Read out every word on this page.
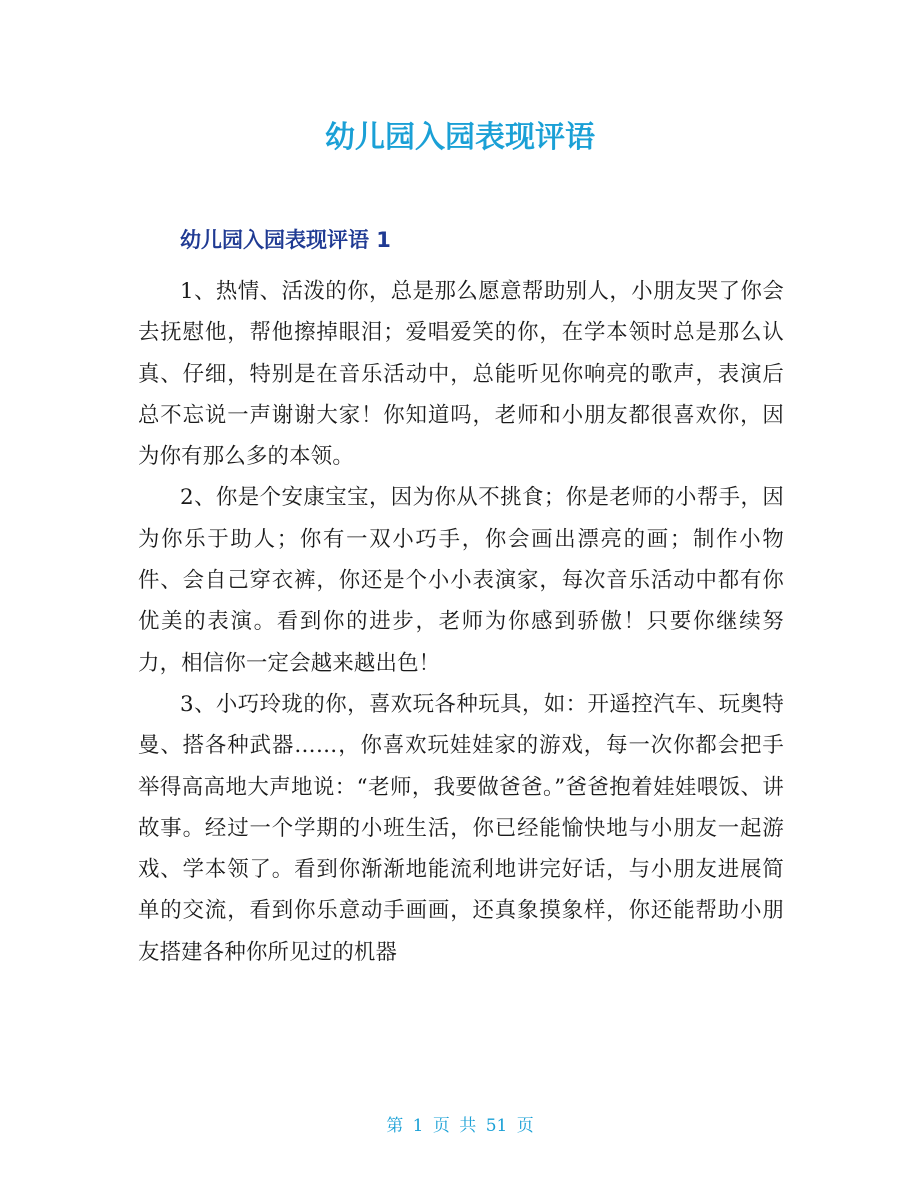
幼儿园入园表现评语
幼儿园入园表现评语 1

1、热情、活泼的你，总是那么愿意帮助别人，小朋友哭了你会去抚慰他，帮他擦掉眼泪；爱唱爱笑的你，在学本领时总是那么认真、仔细，特别是在音乐活动中，总能听见你响亮的歌声，表演后总不忘说一声谢谢大家！你知道吗，老师和小朋友都很喜欢你，因为你有那么多的本领。

2、你是个安康宝宝，因为你从不挑食；你是老师的小帮手，因为你乐于助人；你有一双小巧手，你会画出漂亮的画；制作小物件、会自己穿衣裤，你还是个小小表演家，每次音乐活动中都有你优美的表演。看到你的进步，老师为你感到骄傲！只要你继续努力，相信你一定会越来越出色！

3、小巧玲珑的你，喜欢玩各种玩具，如：开遥控汽车、玩奥特曼、搭各种武器……，你喜欢玩娃娃家的游戏，每一次你都会把手举得高高地大声地说：“老师，我要做爸爸。”爸爸抱着娃娃喂饭、讲故事。经过一个学期的小班生活，你已经能愉快地与小朋友一起游戏、学本领了。看到你渐渐地能流利地讲完好话，与小朋友进展简单的交流，看到你乐意动手画画，还真象摸象样，你还能帮助小朋友搭建各种你所见过的机器

第 1 页 共 51 页
